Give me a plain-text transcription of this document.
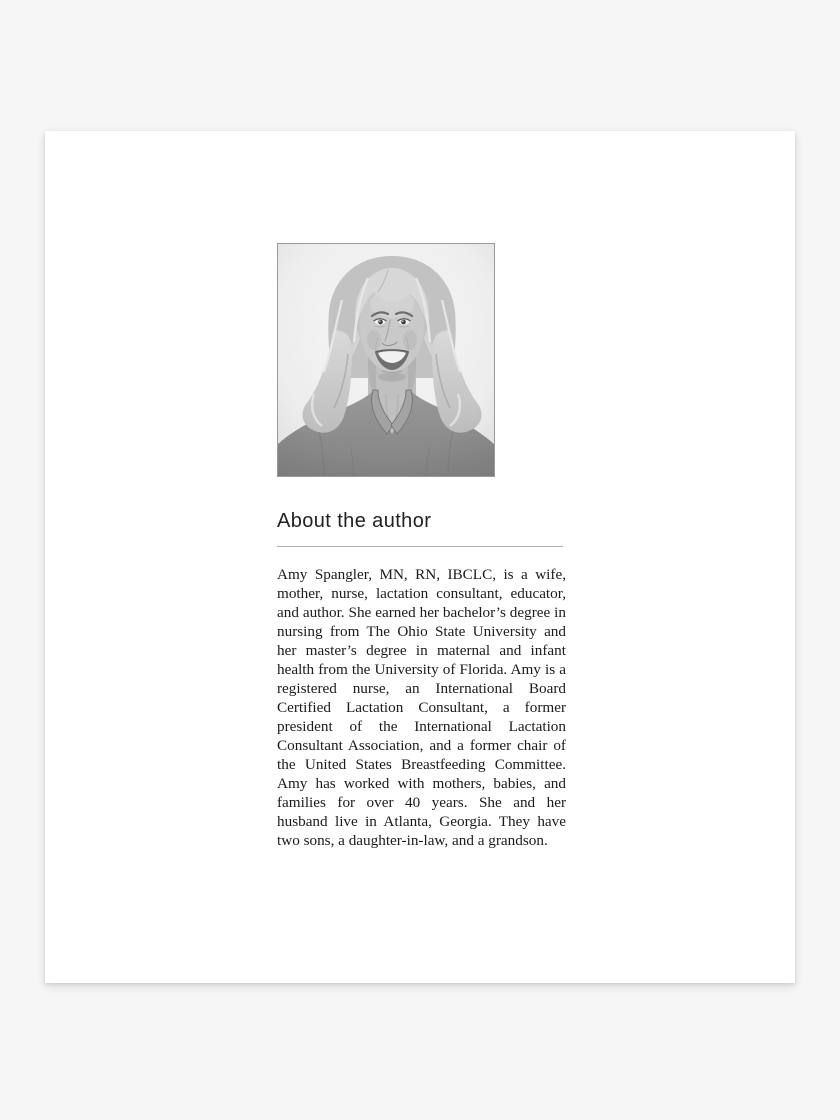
About the author

Amy Spangler, MN, RN, IBCLC, is a wife, mother, nurse, lactation consultant, educator, and author. She earned her bachelor’s degree in nursing from The Ohio State University and her master’s degree in maternal and infant health from the University of Florida. Amy is a registered nurse, an International Board Certified Lactation Consultant, a former president of the International Lactation Consultant Association, and a former chair of the United States Breastfeeding Committee. Amy has worked with mothers, babies, and families for over 40 years. She and her husband live in Atlanta, Georgia. They have two sons, a daughter-in-law, and a grandson.
